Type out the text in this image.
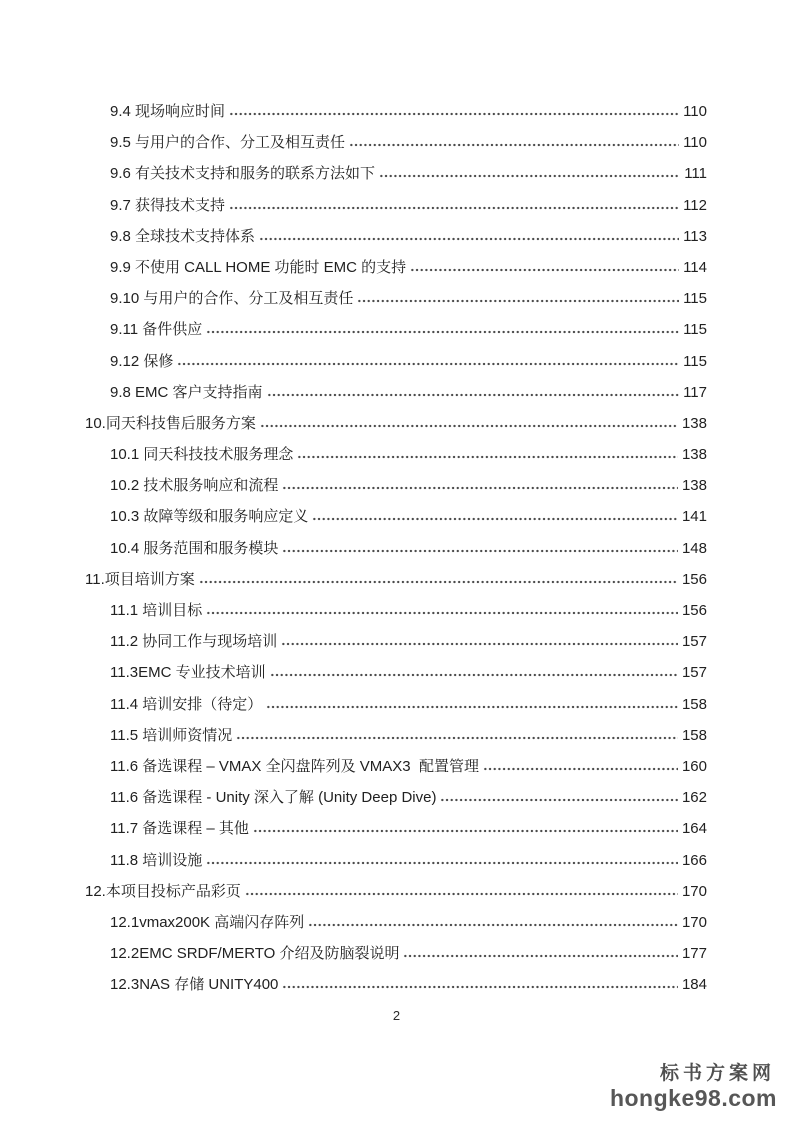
9.4 现场响应时间	110
9.5 与用户的合作、分工及相互责任	110
9.6 有关技术支持和服务的联系方法如下	111
9.7 获得技术支持	112
9.8 全球技术支持体系	113
9.9 不使用 CALL HOME 功能时 EMC 的支持	114
9.10 与用户的合作、分工及相互责任	115
9.11 备件供应	115
9.12 保修	115
9.8 EMC 客户支持指南	117
10.同天科技售后服务方案	138
10.1 同天科技技术服务理念	138
10.2 技术服务响应和流程	138
10.3 故障等级和服务响应定义	141
10.4 服务范围和服务模块	148
11.项目培训方案	156
11.1 培训目标	156
11.2 协同工作与现场培训	157
11.3EMC 专业技术培训	157
11.4 培训安排（待定）	158
11.5 培训师资情况	158
11.6 备选课程 – VMAX 全闪盘阵列及 VMAX3  配置管理	160
11.6 备选课程 - Unity 深入了解 (Unity Deep Dive)	162
11.7 备选课程 – 其他	164
11.8 培训设施	166
12.本项目投标产品彩页	170
12.1vmax200K 高端闪存阵列	170
12.2EMC SRDF/MERTO 介绍及防脑裂说明	177
12.3NAS 存储 UNITY400	184
2
标书方案网
hongke98.com
